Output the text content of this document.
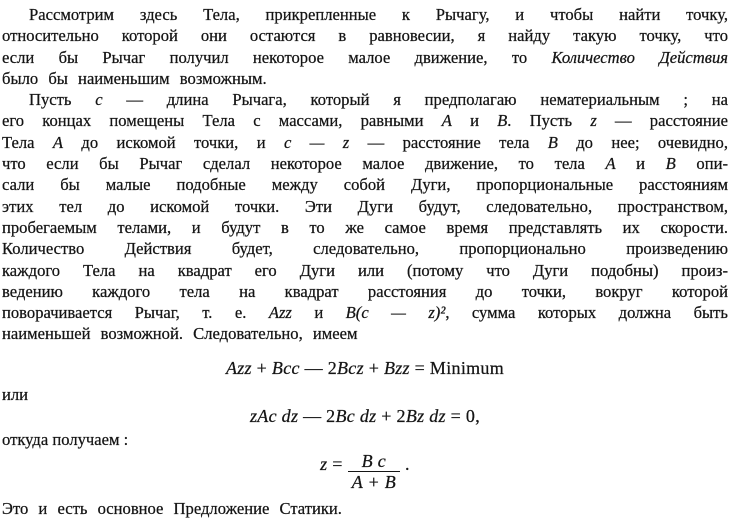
Рассмотрим здесь Тела, прикрепленные к Рычагу, и чтобы найти точку,
относительно которой они остаются в равновесии, я найду такую точку, что
если бы Рычаг получил некоторое малое движение, то Количество Действия
было бы наименьшим возможным.
Пусть c — длина Рычага, который я предполагаю нематериальным ; на
его концах помещены Тела с массами, равными A и B. Пусть z — расстояние
Тела A до искомой точки, и c — z — расстояние тела B до нее; очевидно,
что если бы Рычаг сделал некоторое малое движение, то тела A и B опи-
сали бы малые подобные между собой Дуги, пропорциональные расстояниям
этих тел до искомой точки. Эти Дуги будут, следовательно, пространством,
пробегаемым телами, и будут в то же самое время представлять их скорости.
Количество Действия будет, следовательно, пропорционально произведению
каждого Тела на квадрат его Дуги или (потому что Дуги подобны) произ-
ведению каждого тела на квадрат расстояния до точки, вокруг которой
поворачивается Рычаг, т. е. Azz и B(c — z)², сумма которых должна быть
наименьшей возможной. Следовательно, имеем
Azz + Bcc — 2Bcz + Bzz = Minimum
или
zAc dz — 2Bc dz + 2Bz dz = 0,
откуда получаем :
$z = \frac{\text{B c}}{A + B}$ .
Это и есть основное Предложение Статики.
